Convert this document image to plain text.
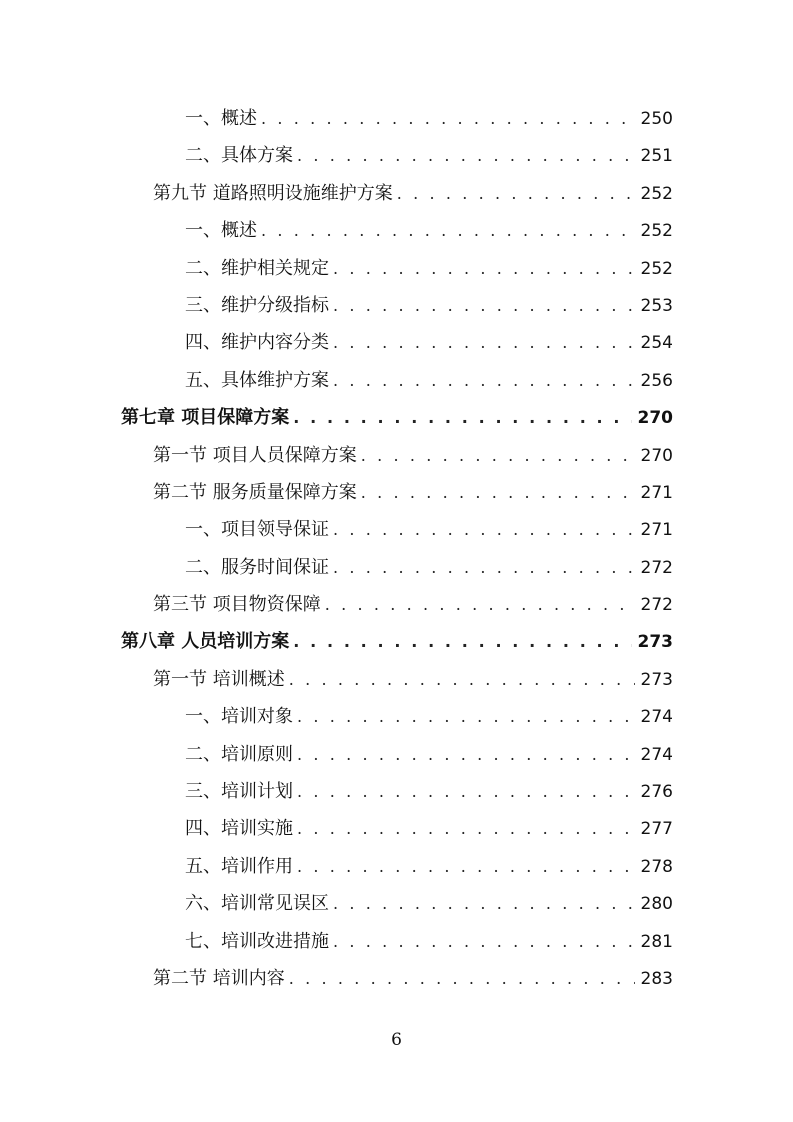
一、概述 . . .	250
二、具体方案 . . .	251
第九节 道路照明设施维护方案 . . .	252
一、概述 . . .	252
二、维护相关规定 . . .	252
三、维护分级指标 . . .	253
四、维护内容分类 . . .	254
五、具体维护方案 . . .	256
第七章 项目保障方案 . . .	270
第一节 项目人员保障方案 . . .	270
第二节 服务质量保障方案 . . .	271
一、项目领导保证 . . .	271
二、服务时间保证 . . .	272
第三节 项目物资保障 . . .	272
第八章 人员培训方案 . . .	273
第一节 培训概述 . . .	273
一、培训对象 . . .	274
二、培训原则 . . .	274
三、培训计划 . . .	276
四、培训实施 . . .	277
五、培训作用 . . .	278
六、培训常见误区 . . .	280
七、培训改进措施 . . .	281
第二节 培训内容 . . .	283
6
